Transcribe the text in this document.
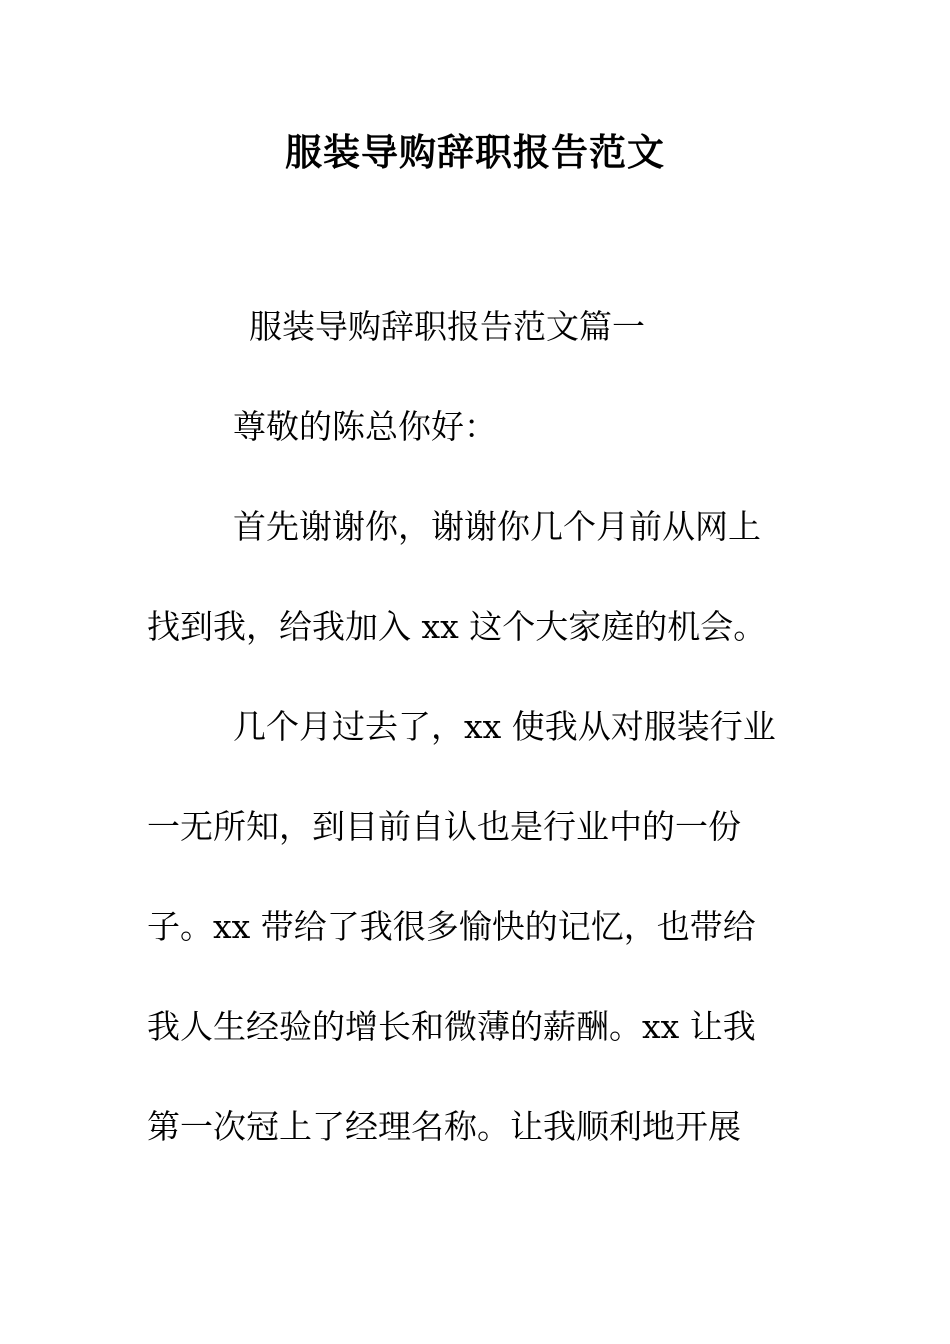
服装导购辞职报告范文
服装导购辞职报告范文篇一
尊敬的陈总你好：
首先谢谢你，谢谢你几个月前从网上
找到我，给我加入 xx 这个大家庭的机会。
几个月过去了，xx 使我从对服装行业
一无所知，到目前自认也是行业中的一份
子。xx 带给了我很多愉快的记忆，也带给
我人生经验的增长和微薄的薪酬。xx 让我
第一次冠上了经理名称。让我顺利地开展
